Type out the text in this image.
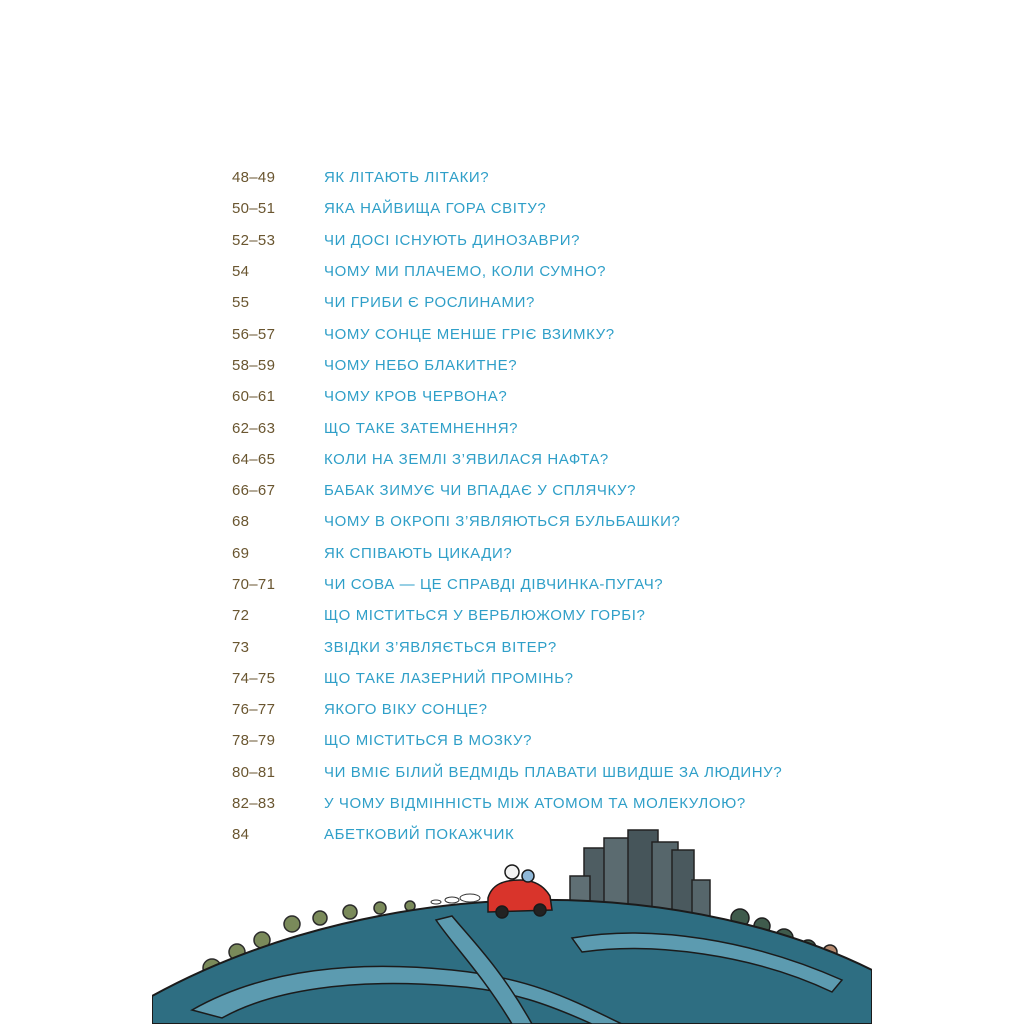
48–49	ЯК ЛІТАЮТЬ ЛІТАКИ?
50–51	ЯКА НАЙВИЩА ГОРА СВІТУ?
52–53	ЧИ ДОСІ ІСНУЮТЬ ДИНОЗАВРИ?
54	ЧОМУ МИ ПЛАЧЕМО, КОЛИ СУМНО?
55	ЧИ ГРИБИ Є РОСЛИНАМИ?
56–57	ЧОМУ СОНЦЕ МЕНШЕ ГРІЄ ВЗИМКУ?
58–59	ЧОМУ НЕБО БЛАКИТНЕ?
60–61	ЧОМУ КРОВ ЧЕРВОНА?
62–63	ЩО ТАКЕ ЗАТЕМНЕННЯ?
64–65	КОЛИ НА ЗЕМЛІ З’ЯВИЛАСЯ НАФТА?
66–67	БАБАК ЗИМУЄ ЧИ ВПАДАЄ У СПЛЯЧКУ?
68	ЧОМУ В ОКРОПІ З’ЯВЛЯЮТЬСЯ БУЛЬБАШКИ?
69	ЯК СПІВАЮТЬ ЦИКАДИ?
70–71	ЧИ СОВА — ЦЕ СПРАВДІ ДІВЧИНКА-ПУГАЧ?
72	ЩО МІСТИТЬСЯ У ВЕРБЛЮЖОМУ ГОРБІ?
73	ЗВІДКИ З’ЯВЛЯЄТЬСЯ ВІТЕР?
74–75	ЩО ТАКЕ ЛАЗЕРНИЙ ПРОМІНЬ?
76–77	ЯКОГО ВІКУ СОНЦЕ?
78–79	ЩО МІСТИТЬСЯ В МОЗКУ?
80–81	ЧИ ВМІЄ БІЛИЙ ВЕДМІДЬ ПЛАВАТИ ШВИДШЕ ЗА ЛЮДИНУ?
82–83	У ЧОМУ ВІДМІННІСТЬ МІЖ АТОМОМ ТА МОЛЕКУЛОЮ?
84	АБЕТКОВИЙ ПОКАЖЧИК
